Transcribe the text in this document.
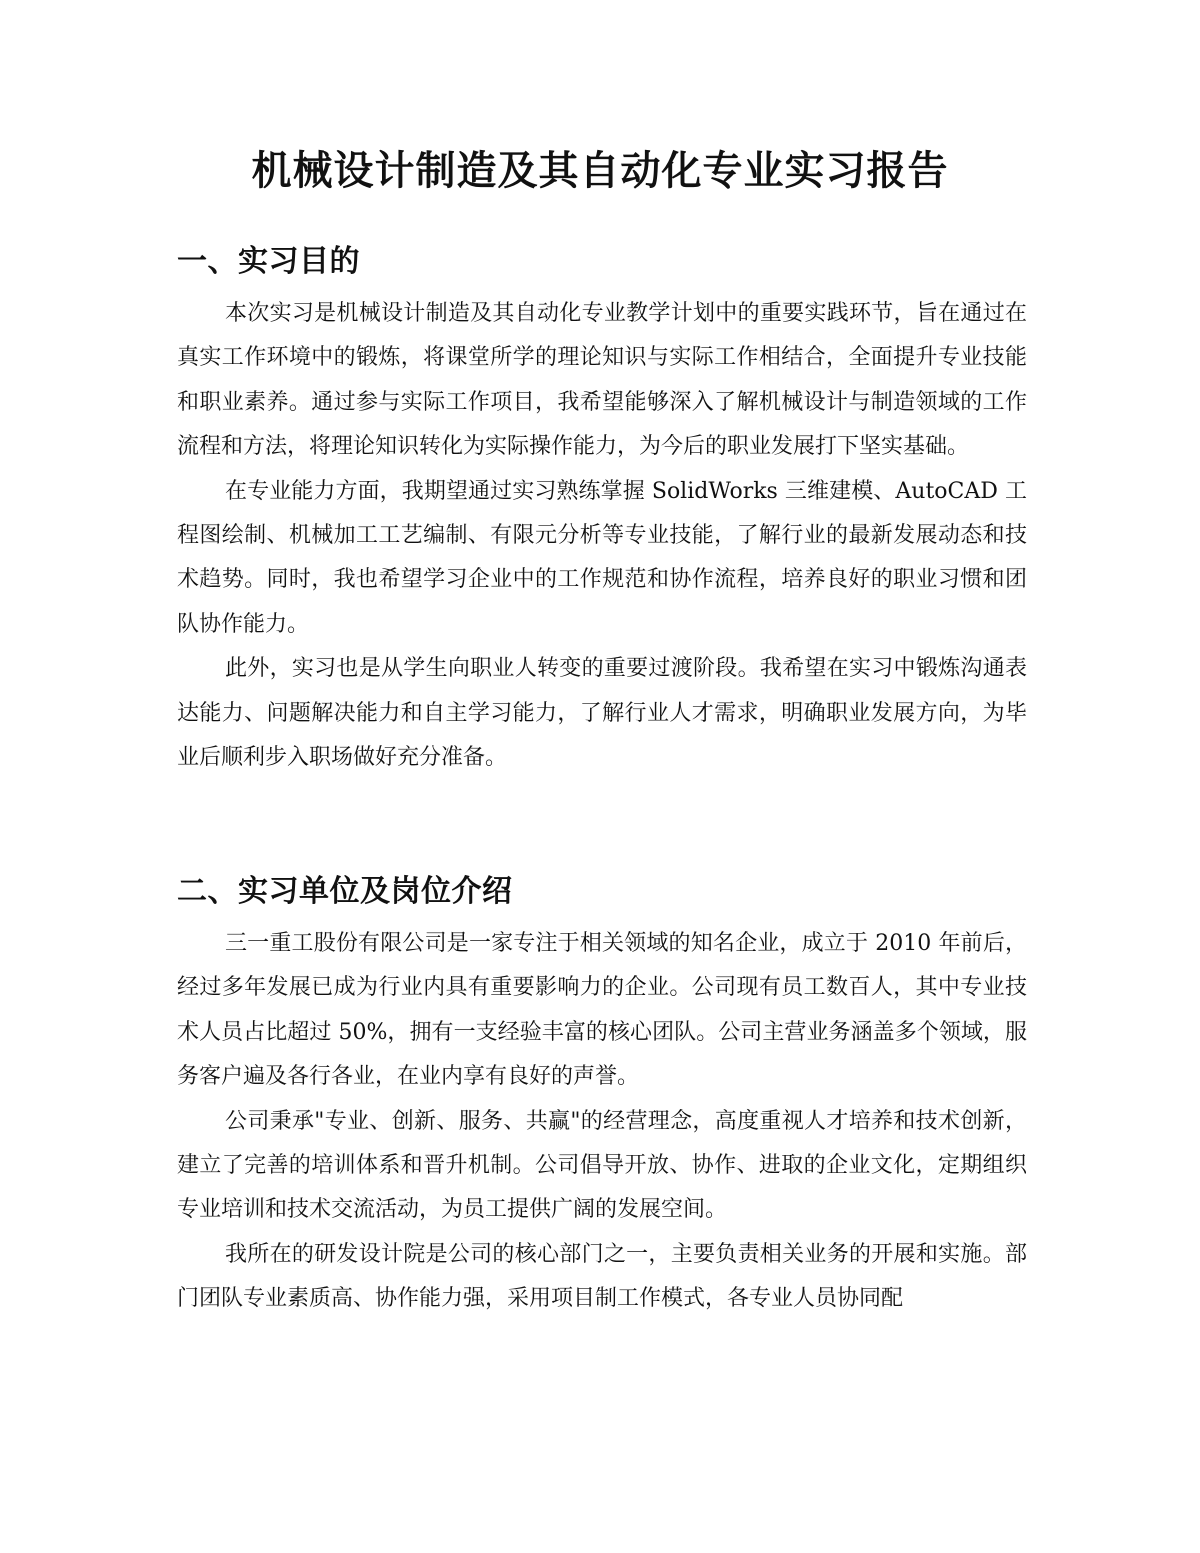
机械设计制造及其自动化专业实习报告
一、实习目的

本次实习是机械设计制造及其自动化专业教学计划中的重要实践环节，旨在通过在真实工作环境中的锻炼，将课堂所学的理论知识与实际工作相结合，全面提升专业技能和职业素养。通过参与实际工作项目，我希望能够深入了解机械设计与制造领域的工作流程和方法，将理论知识转化为实际操作能力，为今后的职业发展打下坚实基础。

在专业能力方面，我期望通过实习熟练掌握 SolidWorks 三维建模、AutoCAD 工程图绘制、机械加工工艺编制、有限元分析等专业技能，了解行业的最新发展动态和技术趋势。同时，我也希望学习企业中的工作规范和协作流程，培养良好的职业习惯和团队协作能力。

此外，实习也是从学生向职业人转变的重要过渡阶段。我希望在实习中锻炼沟通表达能力、问题解决能力和自主学习能力，了解行业人才需求，明确职业发展方向，为毕业后顺利步入职场做好充分准备。

二、实习单位及岗位介绍

三一重工股份有限公司是一家专注于相关领域的知名企业，成立于 2010 年前后，经过多年发展已成为行业内具有重要影响力的企业。公司现有员工数百人，其中专业技术人员占比超过 50%，拥有一支经验丰富的核心团队。公司主营业务涵盖多个领域，服务客户遍及各行各业，在业内享有良好的声誉。

公司秉承"专业、创新、服务、共赢"的经营理念，高度重视人才培养和技术创新，建立了完善的培训体系和晋升机制。公司倡导开放、协作、进取的企业文化，定期组织专业培训和技术交流活动，为员工提供广阔的发展空间。

我所在的研发设计院是公司的核心部门之一，主要负责相关业务的开展和实施。部门团队专业素质高、协作能力强，采用项目制工作模式，各专业人员协同配
